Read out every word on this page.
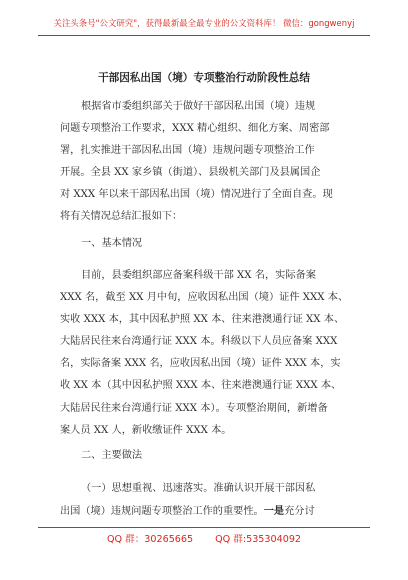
关注头条号"公文研究"，获得最新最全最专业的公文资料库！ 微信：gongwenyj
干部因私出国（境）专项整治行动阶段性总结
根据省市委组织部关于做好干部因私出国（境）违规
问题专项整治工作要求，XXX 精心组织、细化方案、周密部
署，扎实推进干部因私出国（境）违规问题专项整治工作
开展。全县 XX 家乡镇（街道）、县级机关部门及县属国企
对 XXX 年以来干部因私出国（境）情况进行了全面自查。现
将有关情况总结汇报如下：
一、基本情况
目前，县委组织部应备案科级干部 XX 名，实际备案
XXX 名，截至 XX 月中旬，应收因私出国（境）证件 XXX 本、
实收 XXX 本，其中因私护照 XX 本、往来港澳通行证 XX 本、
大陆居民往来台湾通行证 XXX 本。科级以下人员应备案 XXX
名，实际备案 XXX 名，应收因私出国（境）证件 XXX 本，实
收 XX 本（其中因私护照 XXX 本、往来港澳通行证 XXX 本、
大陆居民往来台湾通行证 XXX 本）。专项整治期间，新增备
案人员 XX 人，新收缴证件 XXX 本。
二、主要做法
（一）思想重视、迅速落实。准确认识开展干部因私
出国（境）违规问题专项整治工作的重要性。一是充分讨
QQ 群：30265665 QQ 群:535304092
